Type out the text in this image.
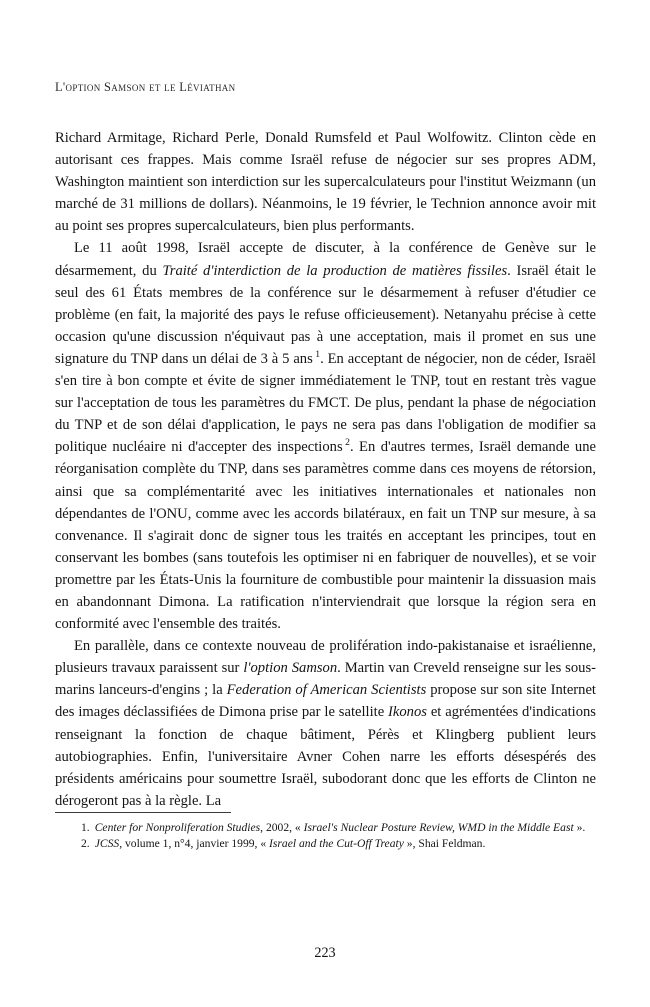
L'option Samson et le Léviathan

Richard Armitage, Richard Perle, Donald Rumsfeld et Paul Wolfowitz. Clinton cède en autorisant ces frappes. Mais comme Israël refuse de négocier sur ses propres ADM, Washington maintient son interdiction sur les supercalculateurs pour l'institut Weizmann (un marché de 31 millions de dollars). Néanmoins, le 19 février, le Technion annonce avoir mit au point ses propres supercalculateurs, bien plus performants.

Le 11 août 1998, Israël accepte de discuter, à la conférence de Genève sur le désarmement, du Traité d'interdiction de la production de matières fissiles. Israël était le seul des 61 États membres de la conférence sur le désarmement à refuser d'étudier ce problème (en fait, la majorité des pays le refuse officieusement). Netanyahu précise à cette occasion qu'une discussion n'équivaut pas à une acceptation, mais il promet en sus une signature du TNP dans un délai de 3 à 5 ans $^1$. En acceptant de négocier, non de céder, Israël s'en tire à bon compte et évite de signer immédiatement le TNP, tout en restant très vague sur l'acceptation de tous les paramètres du FMCT. De plus, pendant la phase de négociation du TNP et de son délai d'application, le pays ne sera pas dans l'obligation de modifier sa politique nucléaire ni d'accepter des inspections $^2$. En d'autres termes, Israël demande une réorganisation complète du TNP, dans ses paramètres comme dans ces moyens de rétorsion, ainsi que sa complémentarité avec les initiatives internationales et nationales non dépendantes de l'ONU, comme avec les accords bilatéraux, en fait un TNP sur mesure, à sa convenance. Il s'agirait donc de signer tous les traités en acceptant les principes, tout en conservant les bombes (sans toutefois les optimiser ni en fabriquer de nouvelles), et se voir promettre par les États-Unis la fourniture de combustible pour maintenir la dissuasion mais en abandonnant Dimona. La ratification n'interviendrait que lorsque la région sera en conformité avec l'ensemble des traités.

En parallèle, dans ce contexte nouveau de prolifération indo-pakistanaise et israélienne, plusieurs travaux paraissent sur l'option Samson. Martin van Creveld renseigne sur les sous-marins lanceurs-d'engins ; la Federation of American Scientists propose sur son site Internet des images déclassifiées de Dimona prise par le satellite Ikonos et agrémentées d'indications renseignant la fonction de chaque bâtiment, Pérès et Klingberg publient leurs autobiographies. Enfin, l'universitaire Avner Cohen narre les efforts désespérés des présidents américains pour soumettre Israël, subodorant donc que les efforts de Clinton ne dérogeront pas à la règle. La

1. Center for Nonproliferation Studies, 2002, « Israel's Nuclear Posture Review, WMD in the Middle East ».

2. JCSS, volume 1, n°4, janvier 1999, « Israel and the Cut-Off Treaty », Shai Feldman.

223
